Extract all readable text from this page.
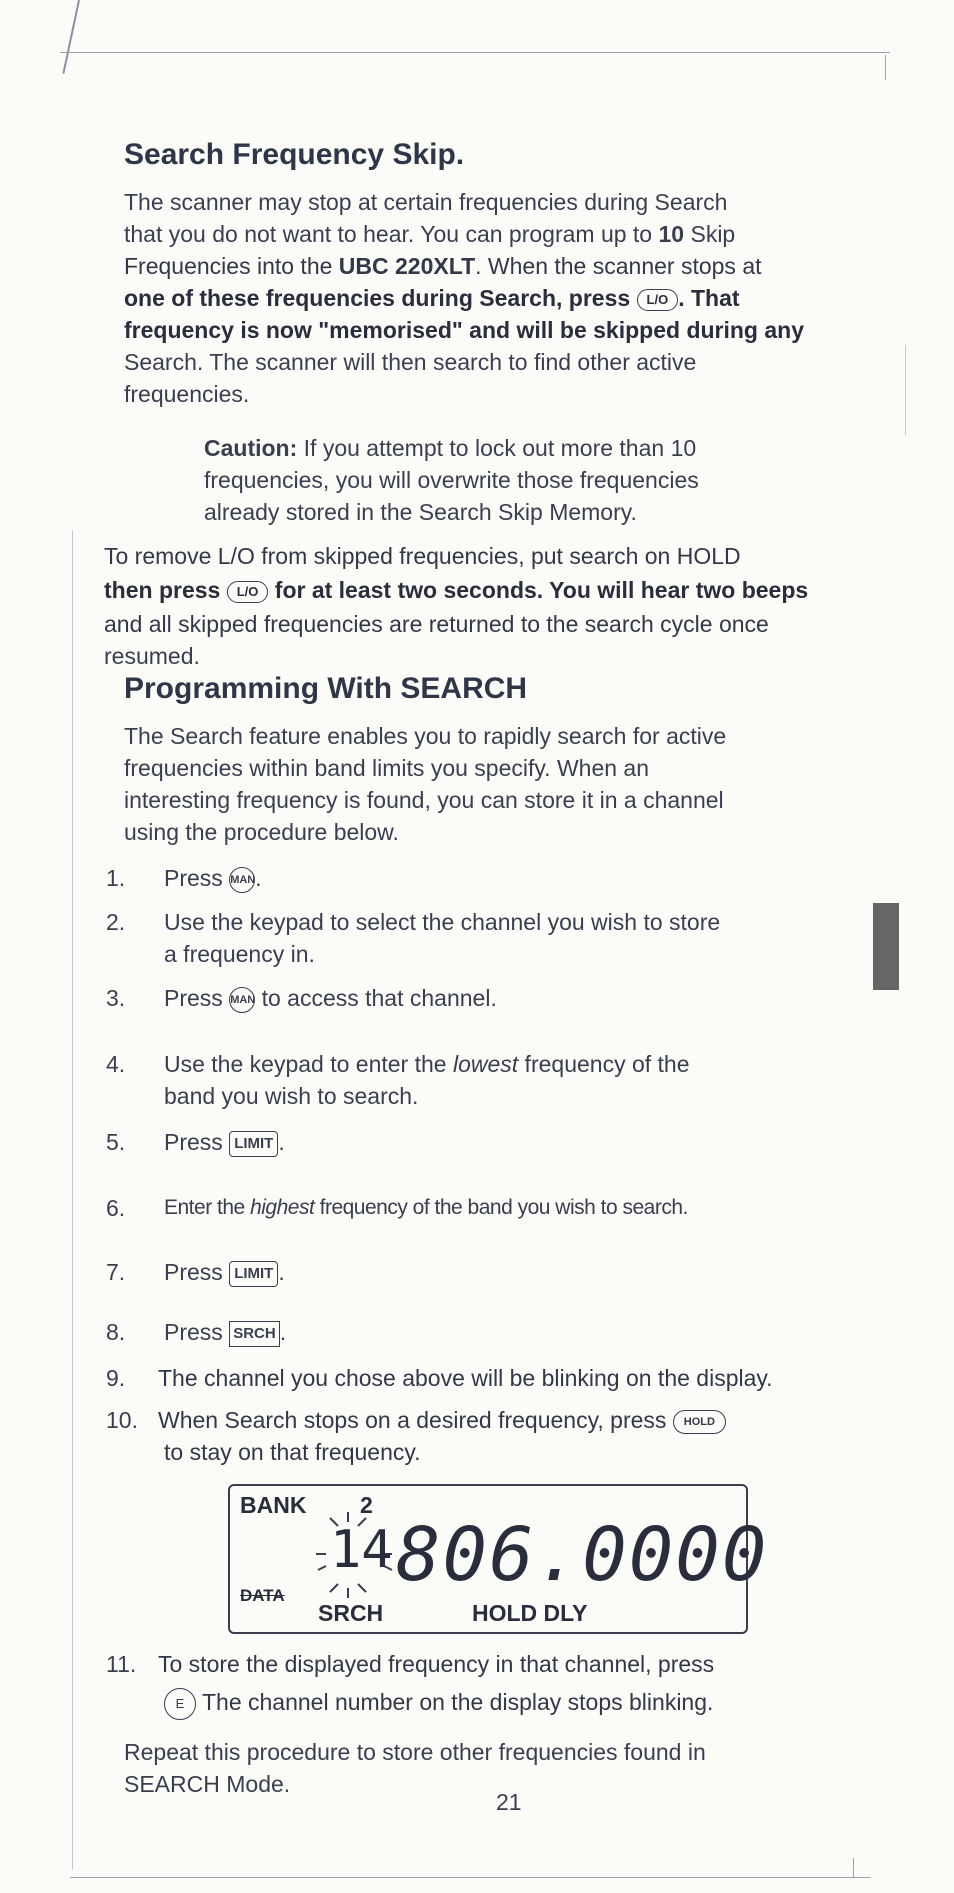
Search Frequency Skip.
The scanner may stop at certain frequencies during Search
that you do not want to hear. You can program up to 10 Skip
Frequencies into the UBC 220XLT. When the scanner stops at
one of these frequencies during Search, press L/O . That
frequency is now "memorised" and will be skipped during any
Search. The scanner will then search to find other active
frequencies.
Caution: If you attempt to lock out more than 10
frequencies, you will overwrite those frequencies
already stored in the Search Skip Memory.
To remove L/O from skipped frequencies, put search on HOLD
then press L/O for at least two seconds. You will hear two beeps
and all skipped frequencies are returned to the search cycle once
resumed.
Programming With SEARCH
The Search feature enables you to rapidly search for active
frequencies within band limits you specify. When an
interesting frequency is found, you can store it in a channel
using the procedure below.
1.	Press MAN.
2.	Use the keypad to select the channel you wish to store
a frequency in.
3.	Press MAN to access that channel.
4.	Use the keypad to enter the lowest frequency of the
band you wish to search.
5.	Press LIMIT .
6.	Enter the highest frequency of the band you wish to search.
7.	Press LIMIT .
8.	Press SRCH .
9.	The channel you chose above will be blinking on the display.
10. When Search stops on a desired frequency, press HOLD
to stay on that frequency.
BANK 2
14 806.0000
DATA
SRCH	HOLD DLY
11. To store the displayed frequency in that channel, press
E The channel number on the display stops blinking.
Repeat this procedure to store other frequencies found in
SEARCH Mode.
21
